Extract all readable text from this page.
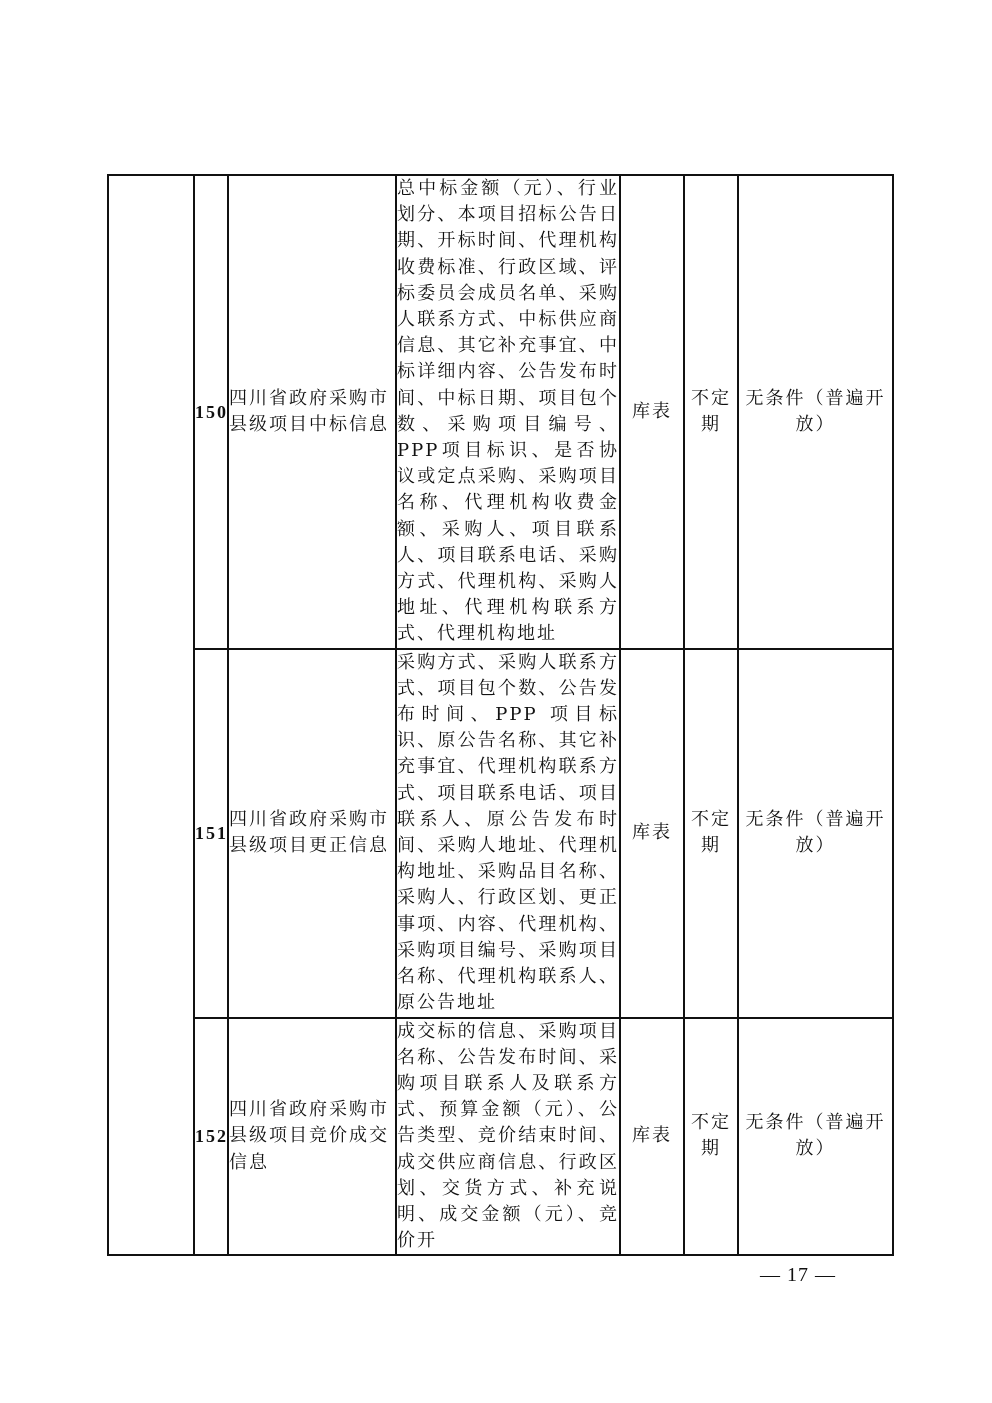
	150	四川省政府采购市县级项目中标信息	总中标金额（元）、行业划分、本项目招标公告日期、开标时间、代理机构收费标准、行政区域、评标委员会成员名单、采购人联系方式、中标供应商信息、其它补充事宜、中标详细内容、公告发布时间、中标日期、项目包个数、采购项目编号、PPP项目标识、是否协议或定点采购、采购项目名称、代理机构收费金额、采购人、项目联系人、项目联系电话、采购方式、代理机构、采购人地址、代理机构联系方式、代理机构地址	库表	不定期	无条件（普遍开放）
	151	四川省政府采购市县级项目更正信息	采购方式、采购人联系方式、项目包个数、公告发布时间、PPP 项目标识、原公告名称、其它补充事宜、代理机构联系方式、项目联系电话、项目联系人、原公告发布时间、采购人地址、代理机构地址、采购品目名称、采购人、行政区划、更正事项、内容、代理机构、采购项目编号、采购项目名称、代理机构联系人、原公告地址	库表	不定期	无条件（普遍开放）
	152	四川省政府采购市县级项目竞价成交信息	成交标的信息、采购项目名称、公告发布时间、采购项目联系人及联系方式、预算金额（元）、公告类型、竞价结束时间、成交供应商信息、行政区划、交货方式、补充说明、成交金额（元）、竞价开	库表	不定期	无条件（普遍开放）
— 17 —
